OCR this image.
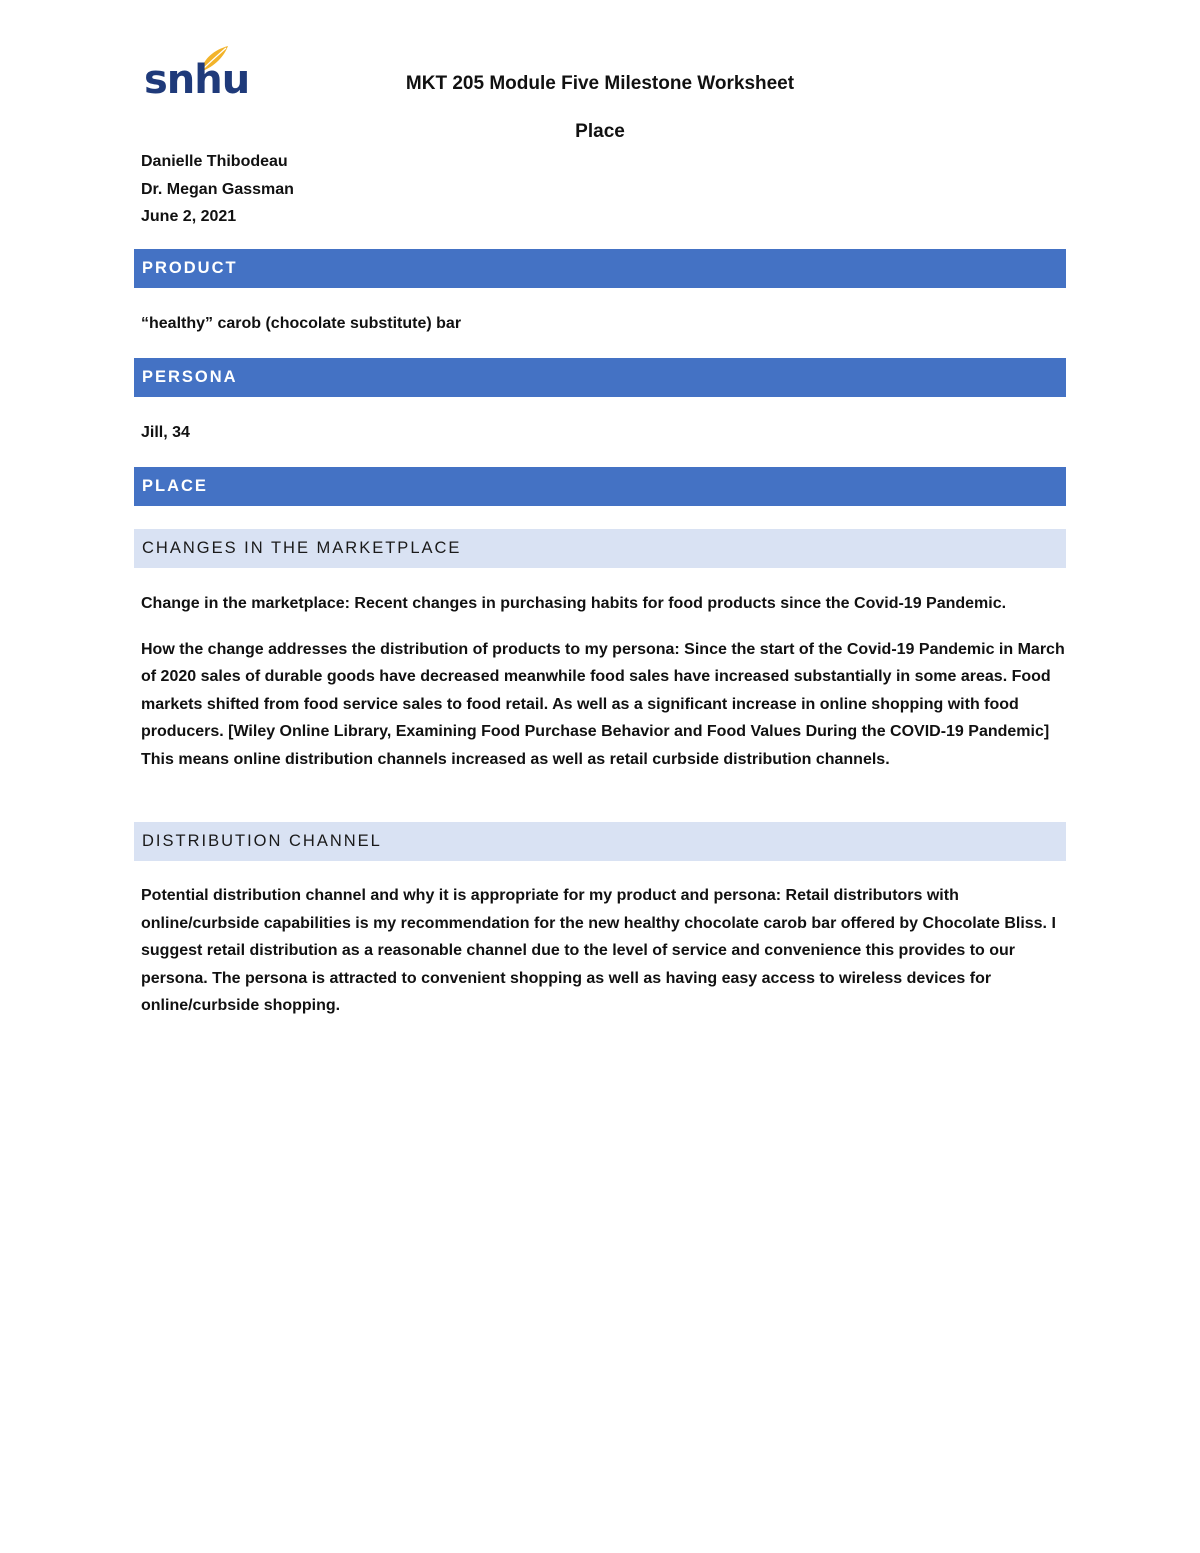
snhu	MKT 205 Module Five Milestone Worksheet
Place
Danielle Thibodeau
Dr. Megan Gassman
June 2, 2021
PRODUCT
“healthy” carob (chocolate substitute) bar
PERSONA
Jill, 34
PLACE
CHANGES IN THE MARKETPLACE

Change in the marketplace: Recent changes in purchasing habits for food products since the Covid-19 Pandemic.

How the change addresses the distribution of products to my persona: Since the start of the Covid-19 Pandemic in March of 2020 sales of durable goods have decreased meanwhile food sales have increased substantially in some areas. Food markets shifted from food service sales to food retail. As well as a significant increase in online shopping with food producers. [Wiley Online Library, Examining Food Purchase Behavior and Food Values During the COVID-19 Pandemic] This means online distribution channels increased as well as retail curbside distribution channels.

DISTRIBUTION CHANNEL

Potential distribution channel and why it is appropriate for my product and persona: Retail distributors with online/curbside capabilities is my recommendation for the new healthy chocolate carob bar offered by Chocolate Bliss. I suggest retail distribution as a reasonable channel due to the level of service and convenience this provides to our persona. The persona is attracted to convenient shopping as well as having easy access to wireless devices for online/curbside shopping.
